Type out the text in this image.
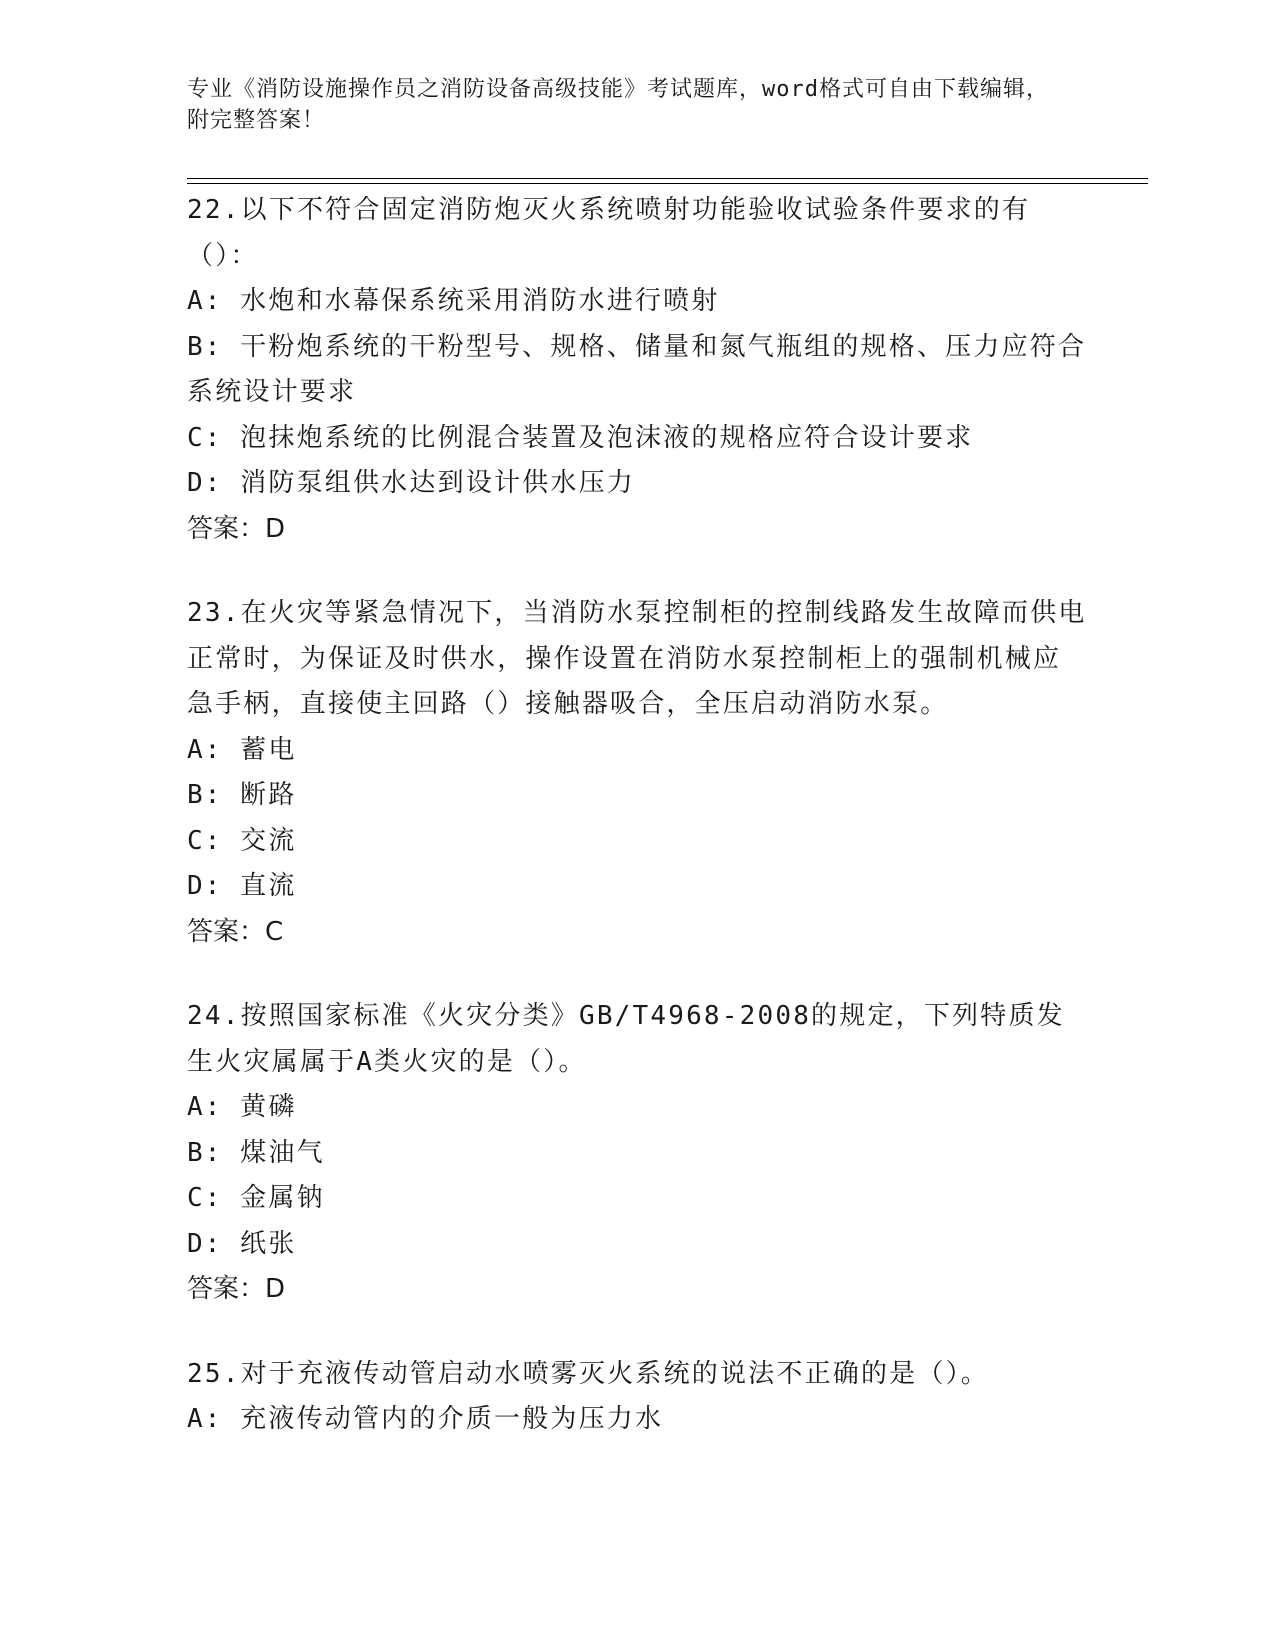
专业《消防设施操作员之消防设备高级技能》考试题库，word格式可自由下载编辑，附完整答案！

22.以下不符合固定消防炮灭火系统喷射功能验收试验条件要求的有（）：

A: 水炮和水幕保系统采用消防水进行喷射

B: 干粉炮系统的干粉型号、规格、储量和氮气瓶组的规格、压力应符合系统设计要求

C: 泡抹炮系统的比例混合装置及泡沫液的规格应符合设计要求

D: 消防泵组供水达到设计供水压力

答案：D

23.在火灾等紧急情况下，当消防水泵控制柜的控制线路发生故障而供电正常时，为保证及时供水，操作设置在消防水泵控制柜上的强制机械应急手柄，直接使主回路（）接触器吸合，全压启动消防水泵。

A: 蓄电

B: 断路

C: 交流

D: 直流

答案：C

24.按照国家标准《火灾分类》GB/T4968-2008的规定，下列特质发生火灾属属于A类火灾的是（）。

A: 黄磷

B: 煤油气

C: 金属钠

D: 纸张

答案：D

25.对于充液传动管启动水喷雾灭火系统的说法不正确的是（）。

A: 充液传动管内的介质一般为压力水
